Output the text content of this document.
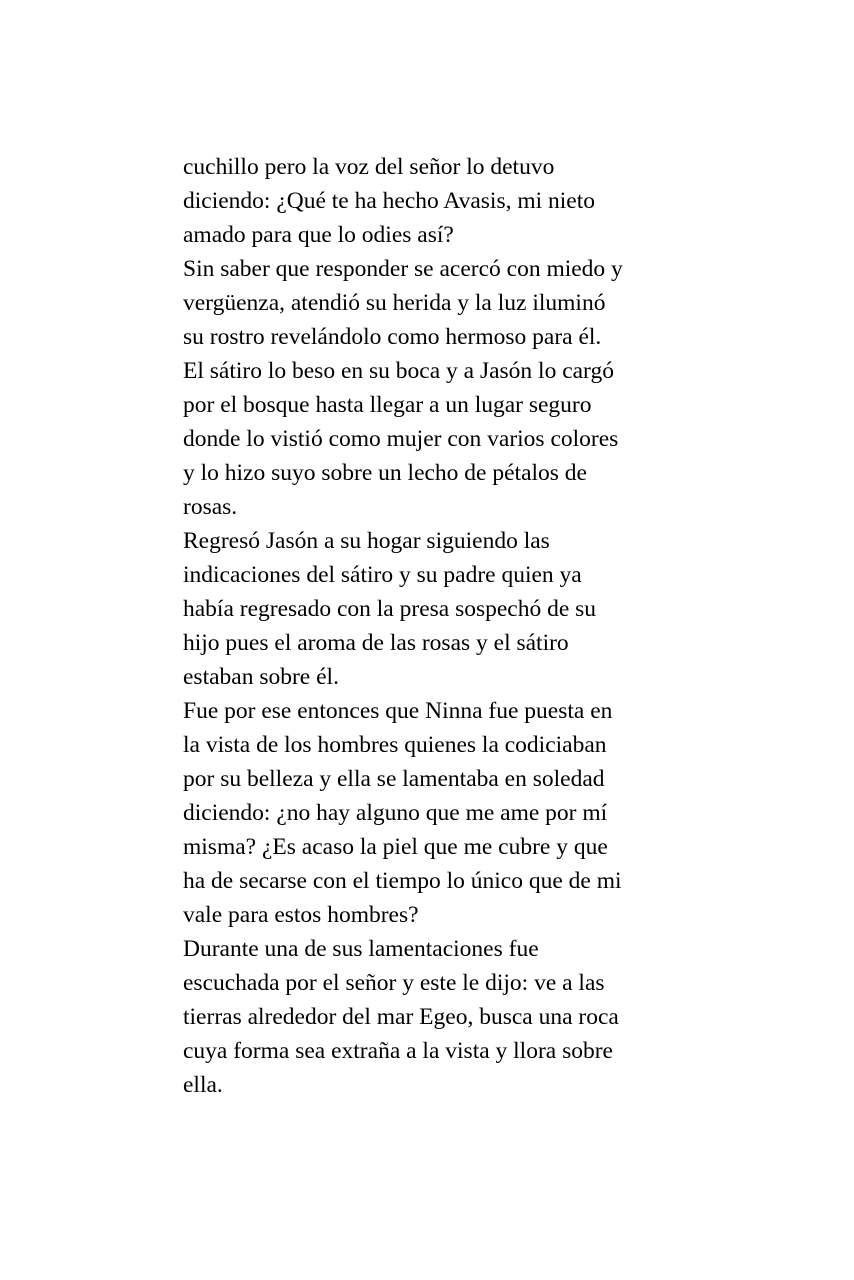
cuchillo pero la voz del señor lo detuvo
diciendo: ¿Qué te ha hecho Avasis, mi nieto
amado para que lo odies así?
Sin saber que responder se acercó con miedo y
vergüenza, atendió su herida y la luz iluminó
su rostro revelándolo como hermoso para él.
El sátiro lo beso en su boca y a Jasón lo cargó
por el bosque hasta llegar a un lugar seguro
donde lo vistió como mujer con varios colores
y lo hizo suyo sobre un lecho de pétalos de
rosas.
Regresó Jasón a su hogar siguiendo las
indicaciones del sátiro y su padre quien ya
había regresado con la presa sospechó de su
hijo pues el aroma de las rosas y el sátiro
estaban sobre él.
Fue por ese entonces que Ninna fue puesta en
la vista de los hombres quienes la codiciaban
por su belleza y ella se lamentaba en soledad
diciendo: ¿no hay alguno que me ame por mí
misma? ¿Es acaso la piel que me cubre y que
ha de secarse con el tiempo lo único que de mi
vale para estos hombres?
Durante una de sus lamentaciones fue
escuchada por el señor y este le dijo: ve a las
tierras alrededor del mar Egeo, busca una roca
cuya forma sea extraña a la vista y llora sobre
ella.
